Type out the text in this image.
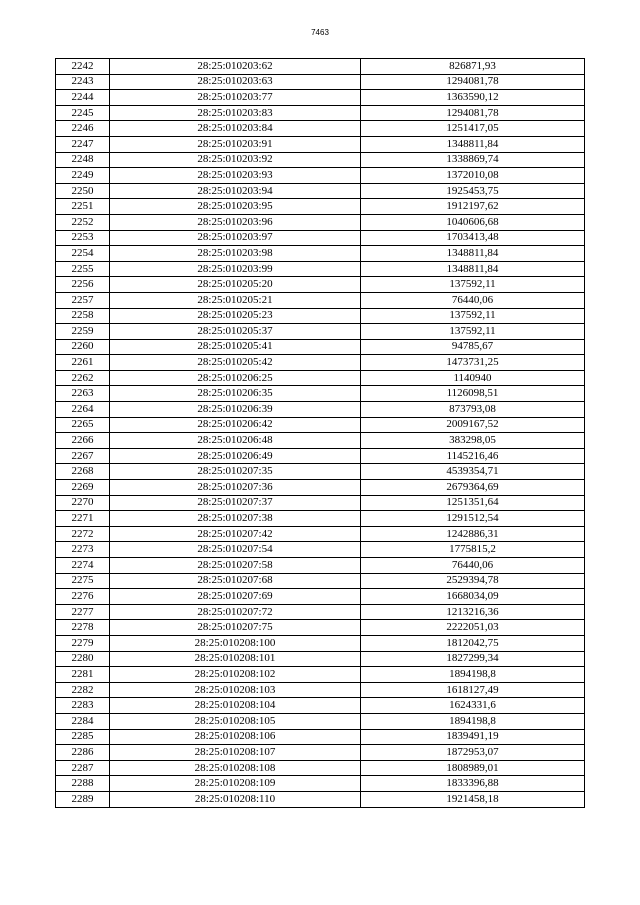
7463
2242	28:25:010203:62	826871,93
2243	28:25:010203:63	1294081,78
2244	28:25:010203:77	1363590,12
2245	28:25:010203:83	1294081,78
2246	28:25:010203:84	1251417,05
2247	28:25:010203:91	1348811,84
2248	28:25:010203:92	1338869,74
2249	28:25:010203:93	1372010,08
2250	28:25:010203:94	1925453,75
2251	28:25:010203:95	1912197,62
2252	28:25:010203:96	1040606,68
2253	28:25:010203:97	1703413,48
2254	28:25:010203:98	1348811,84
2255	28:25:010203:99	1348811,84
2256	28:25:010205:20	137592,11
2257	28:25:010205:21	76440,06
2258	28:25:010205:23	137592,11
2259	28:25:010205:37	137592,11
2260	28:25:010205:41	94785,67
2261	28:25:010205:42	1473731,25
2262	28:25:010206:25	1140940
2263	28:25:010206:35	1126098,51
2264	28:25:010206:39	873793,08
2265	28:25:010206:42	2009167,52
2266	28:25:010206:48	383298,05
2267	28:25:010206:49	1145216,46
2268	28:25:010207:35	4539354,71
2269	28:25:010207:36	2679364,69
2270	28:25:010207:37	1251351,64
2271	28:25:010207:38	1291512,54
2272	28:25:010207:42	1242886,31
2273	28:25:010207:54	1775815,2
2274	28:25:010207:58	76440,06
2275	28:25:010207:68	2529394,78
2276	28:25:010207:69	1668034,09
2277	28:25:010207:72	1213216,36
2278	28:25:010207:75	2222051,03
2279	28:25:010208:100	1812042,75
2280	28:25:010208:101	1827299,34
2281	28:25:010208:102	1894198,8
2282	28:25:010208:103	1618127,49
2283	28:25:010208:104	1624331,6
2284	28:25:010208:105	1894198,8
2285	28:25:010208:106	1839491,19
2286	28:25:010208:107	1872953,07
2287	28:25:010208:108	1808989,01
2288	28:25:010208:109	1833396,88
2289	28:25:010208:110	1921458,18
